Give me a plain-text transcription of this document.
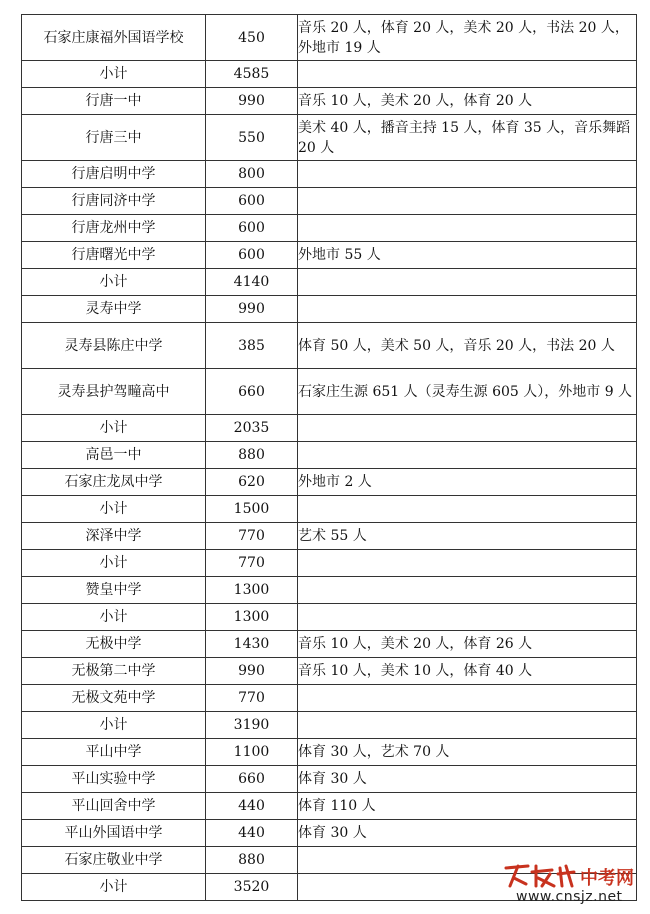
石家庄康福外国语学校	450	音乐 20 人，体育 20 人，美术 20 人，书法 20 人，外地市 19 人
小计	4585	
行唐一中	990	音乐 10 人，美术 20 人，体育 20 人
行唐三中	550	美术 40 人，播音主持 15 人，体育 35 人，音乐舞蹈 20 人
行唐启明中学	800	
行唐同济中学	600	
行唐龙州中学	600	
行唐曙光中学	600	外地市 55 人
小计	4140	
灵寿中学	990	
灵寿县陈庄中学	385	体育 50 人，美术 50 人，音乐 20 人，书法 20 人
灵寿县护驾疃高中	660	石家庄生源 651 人（灵寿生源 605 人），外地市 9 人
小计	2035	
高邑一中	880	
石家庄龙凤中学	620	外地市 2 人
小计	1500	
深泽中学	770	艺术 55 人
小计	770	
赞皇中学	1300	
小计	1300	
无极中学	1430	音乐 10 人，美术 20 人，体育 26 人
无极第二中学	990	音乐 10 人，美术 10 人，体育 40 人
无极文苑中学	770	
小计	3190	
平山中学	1100	体育 30 人，艺术 70 人
平山实验中学	660	体育 30 人
平山回舍中学	440	体育 110 人
平山外国语中学	440	体育 30 人
石家庄敬业中学	880	
小计	3520		中考网
www.cnsjz.net
